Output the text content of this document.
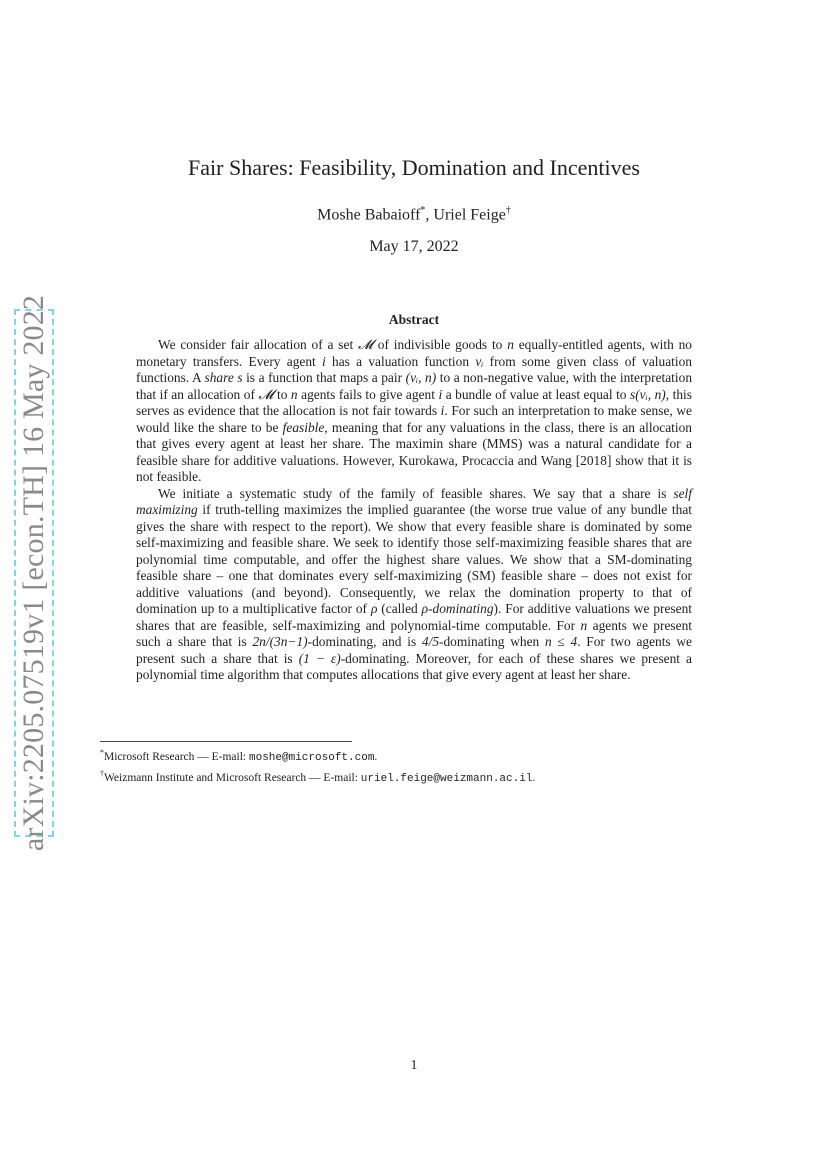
arXiv:2205.07519v1 [econ.TH] 16 May 2022
Fair Shares: Feasibility, Domination and Incentives
Moshe Babaioff*, Uriel Feige†
May 17, 2022
Abstract

We consider fair allocation of a set 𝓜 of indivisible goods to n equally-entitled agents, with no monetary transfers. Every agent i has a valuation function vᵢ from some given class of valuation functions. A share s is a function that maps a pair (vᵢ, n) to a non-negative value, with the interpretation that if an allocation of 𝓜 to n agents fails to give agent i a bundle of value at least equal to s(vᵢ, n), this serves as evidence that the allocation is not fair towards i. For such an interpretation to make sense, we would like the share to be feasible, meaning that for any valuations in the class, there is an allocation that gives every agent at least her share. The maximin share (MMS) was a natural candidate for a feasible share for additive valuations. However, Kurokawa, Procaccia and Wang [2018] show that it is not feasible.

We initiate a systematic study of the family of feasible shares. We say that a share is self maximizing if truth-telling maximizes the implied guarantee (the worse true value of any bundle that gives the share with respect to the report). We show that every feasible share is dominated by some self-maximizing and feasible share. We seek to identify those self-maximizing feasible shares that are polynomial time computable, and offer the highest share values. We show that a SM-dominating feasible share – one that dominates every self-maximizing (SM) feasible share – does not exist for additive valuations (and beyond). Consequently, we relax the domination property to that of domination up to a multiplicative factor of ρ (called ρ-dominating). For additive valuations we present shares that are feasible, self-maximizing and polynomial-time computable. For n agents we present such a share that is 2n/(3n−1)-dominating, and is 4/5-dominating when n ≤ 4. For two agents we present such a share that is (1 − ε)-dominating. Moreover, for each of these shares we present a polynomial time algorithm that computes allocations that give every agent at least her share.

*Microsoft Research — E-mail: moshe@microsoft.com.
†Weizmann Institute and Microsoft Research — E-mail: uriel.feige@weizmann.ac.il.
1
